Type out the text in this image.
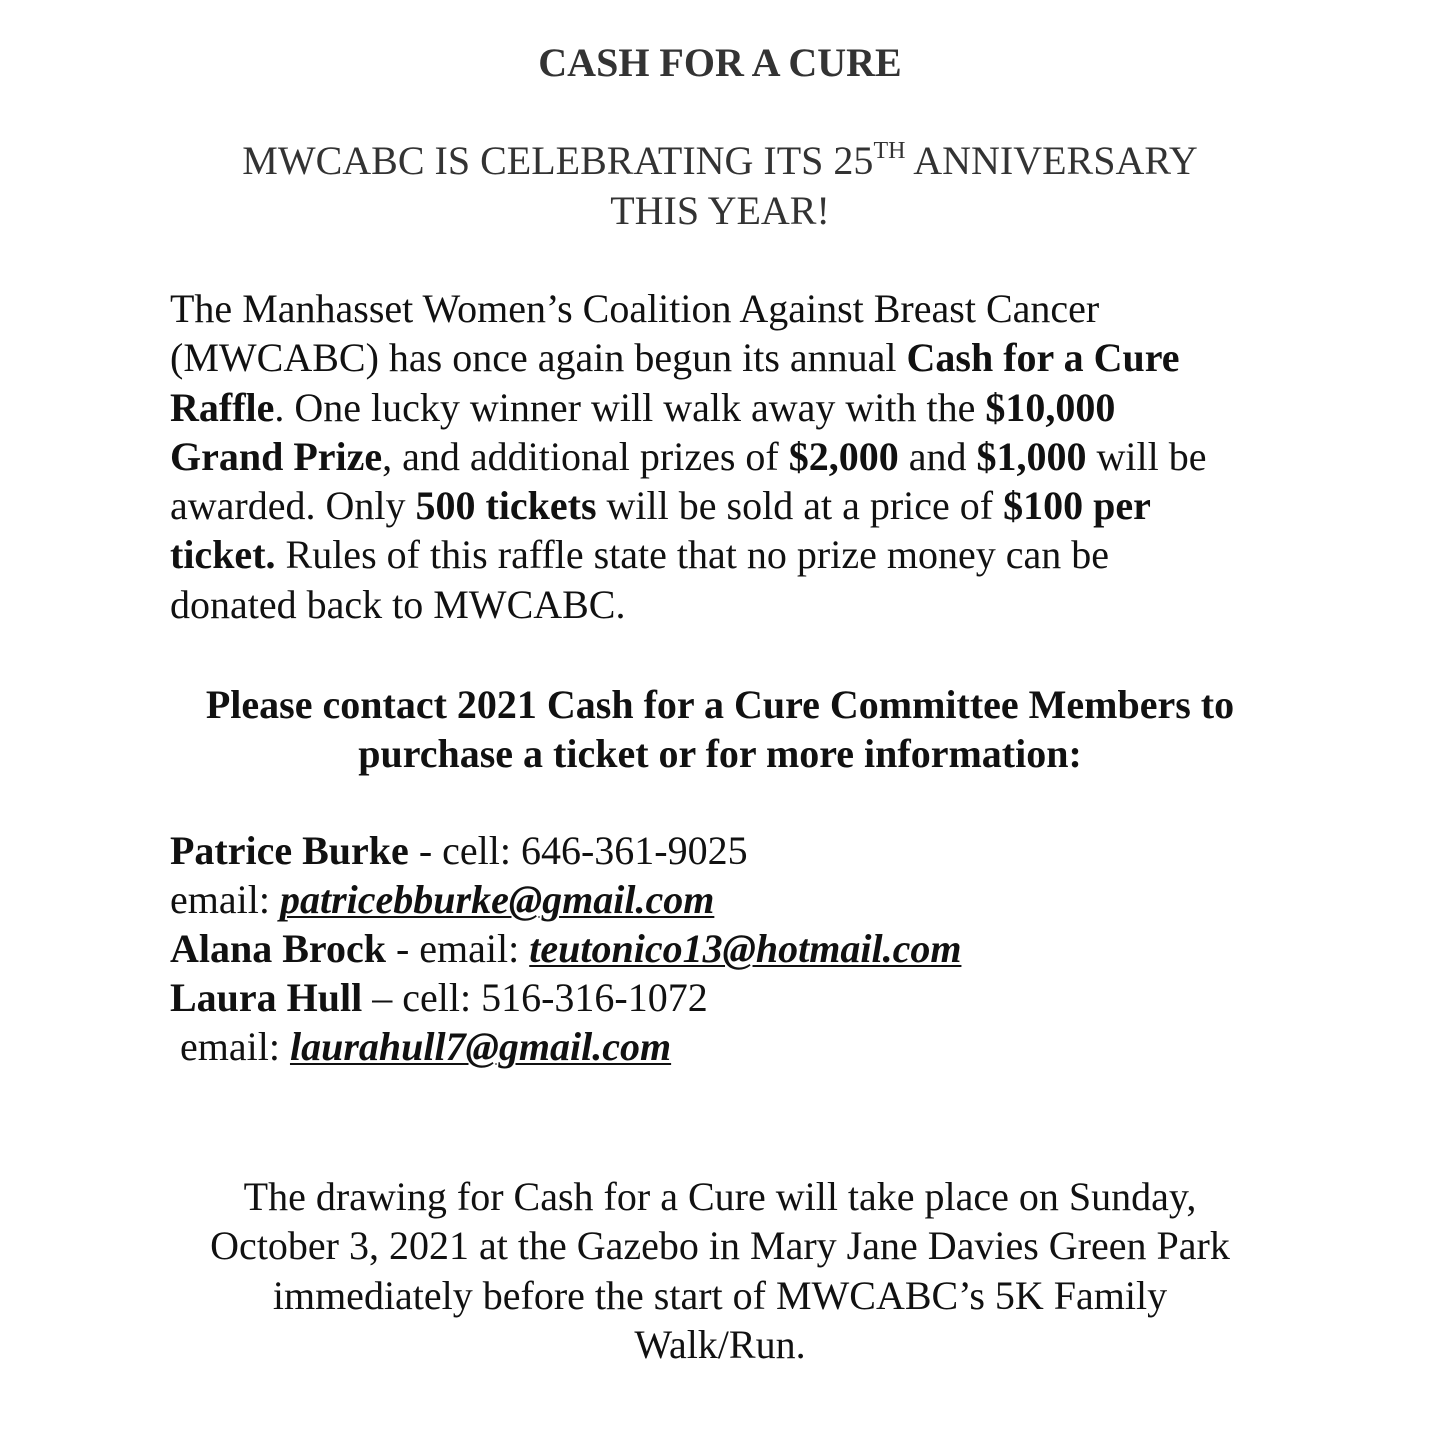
CASH FOR A CURE
MWCABC IS CELEBRATING ITS 25TH ANNIVERSARY
THIS YEAR!
The Manhasset Women’s Coalition Against Breast Cancer
(MWCABC) has once again begun its annual Cash for a Cure
Raffle. One lucky winner will walk away with the $10,000
Grand Prize, and additional prizes of $2,000 and $1,000 will be
awarded. Only 500 tickets will be sold at a price of $100 per
ticket. Rules of this raffle state that no prize money can be
donated back to MWCABC.
Please contact 2021 Cash for a Cure Committee Members to
purchase a ticket or for more information:
Patrice Burke - cell: 646-361-9025
email: patricebburke@gmail.com
Alana Brock - email: teutonico13@hotmail.com
Laura Hull – cell: 516-316-1072
email: laurahull7@gmail.com
The drawing for Cash for a Cure will take place on Sunday,
October 3, 2021 at the Gazebo in Mary Jane Davies Green Park
immediately before the start of MWCABC’s 5K Family
Walk/Run.
